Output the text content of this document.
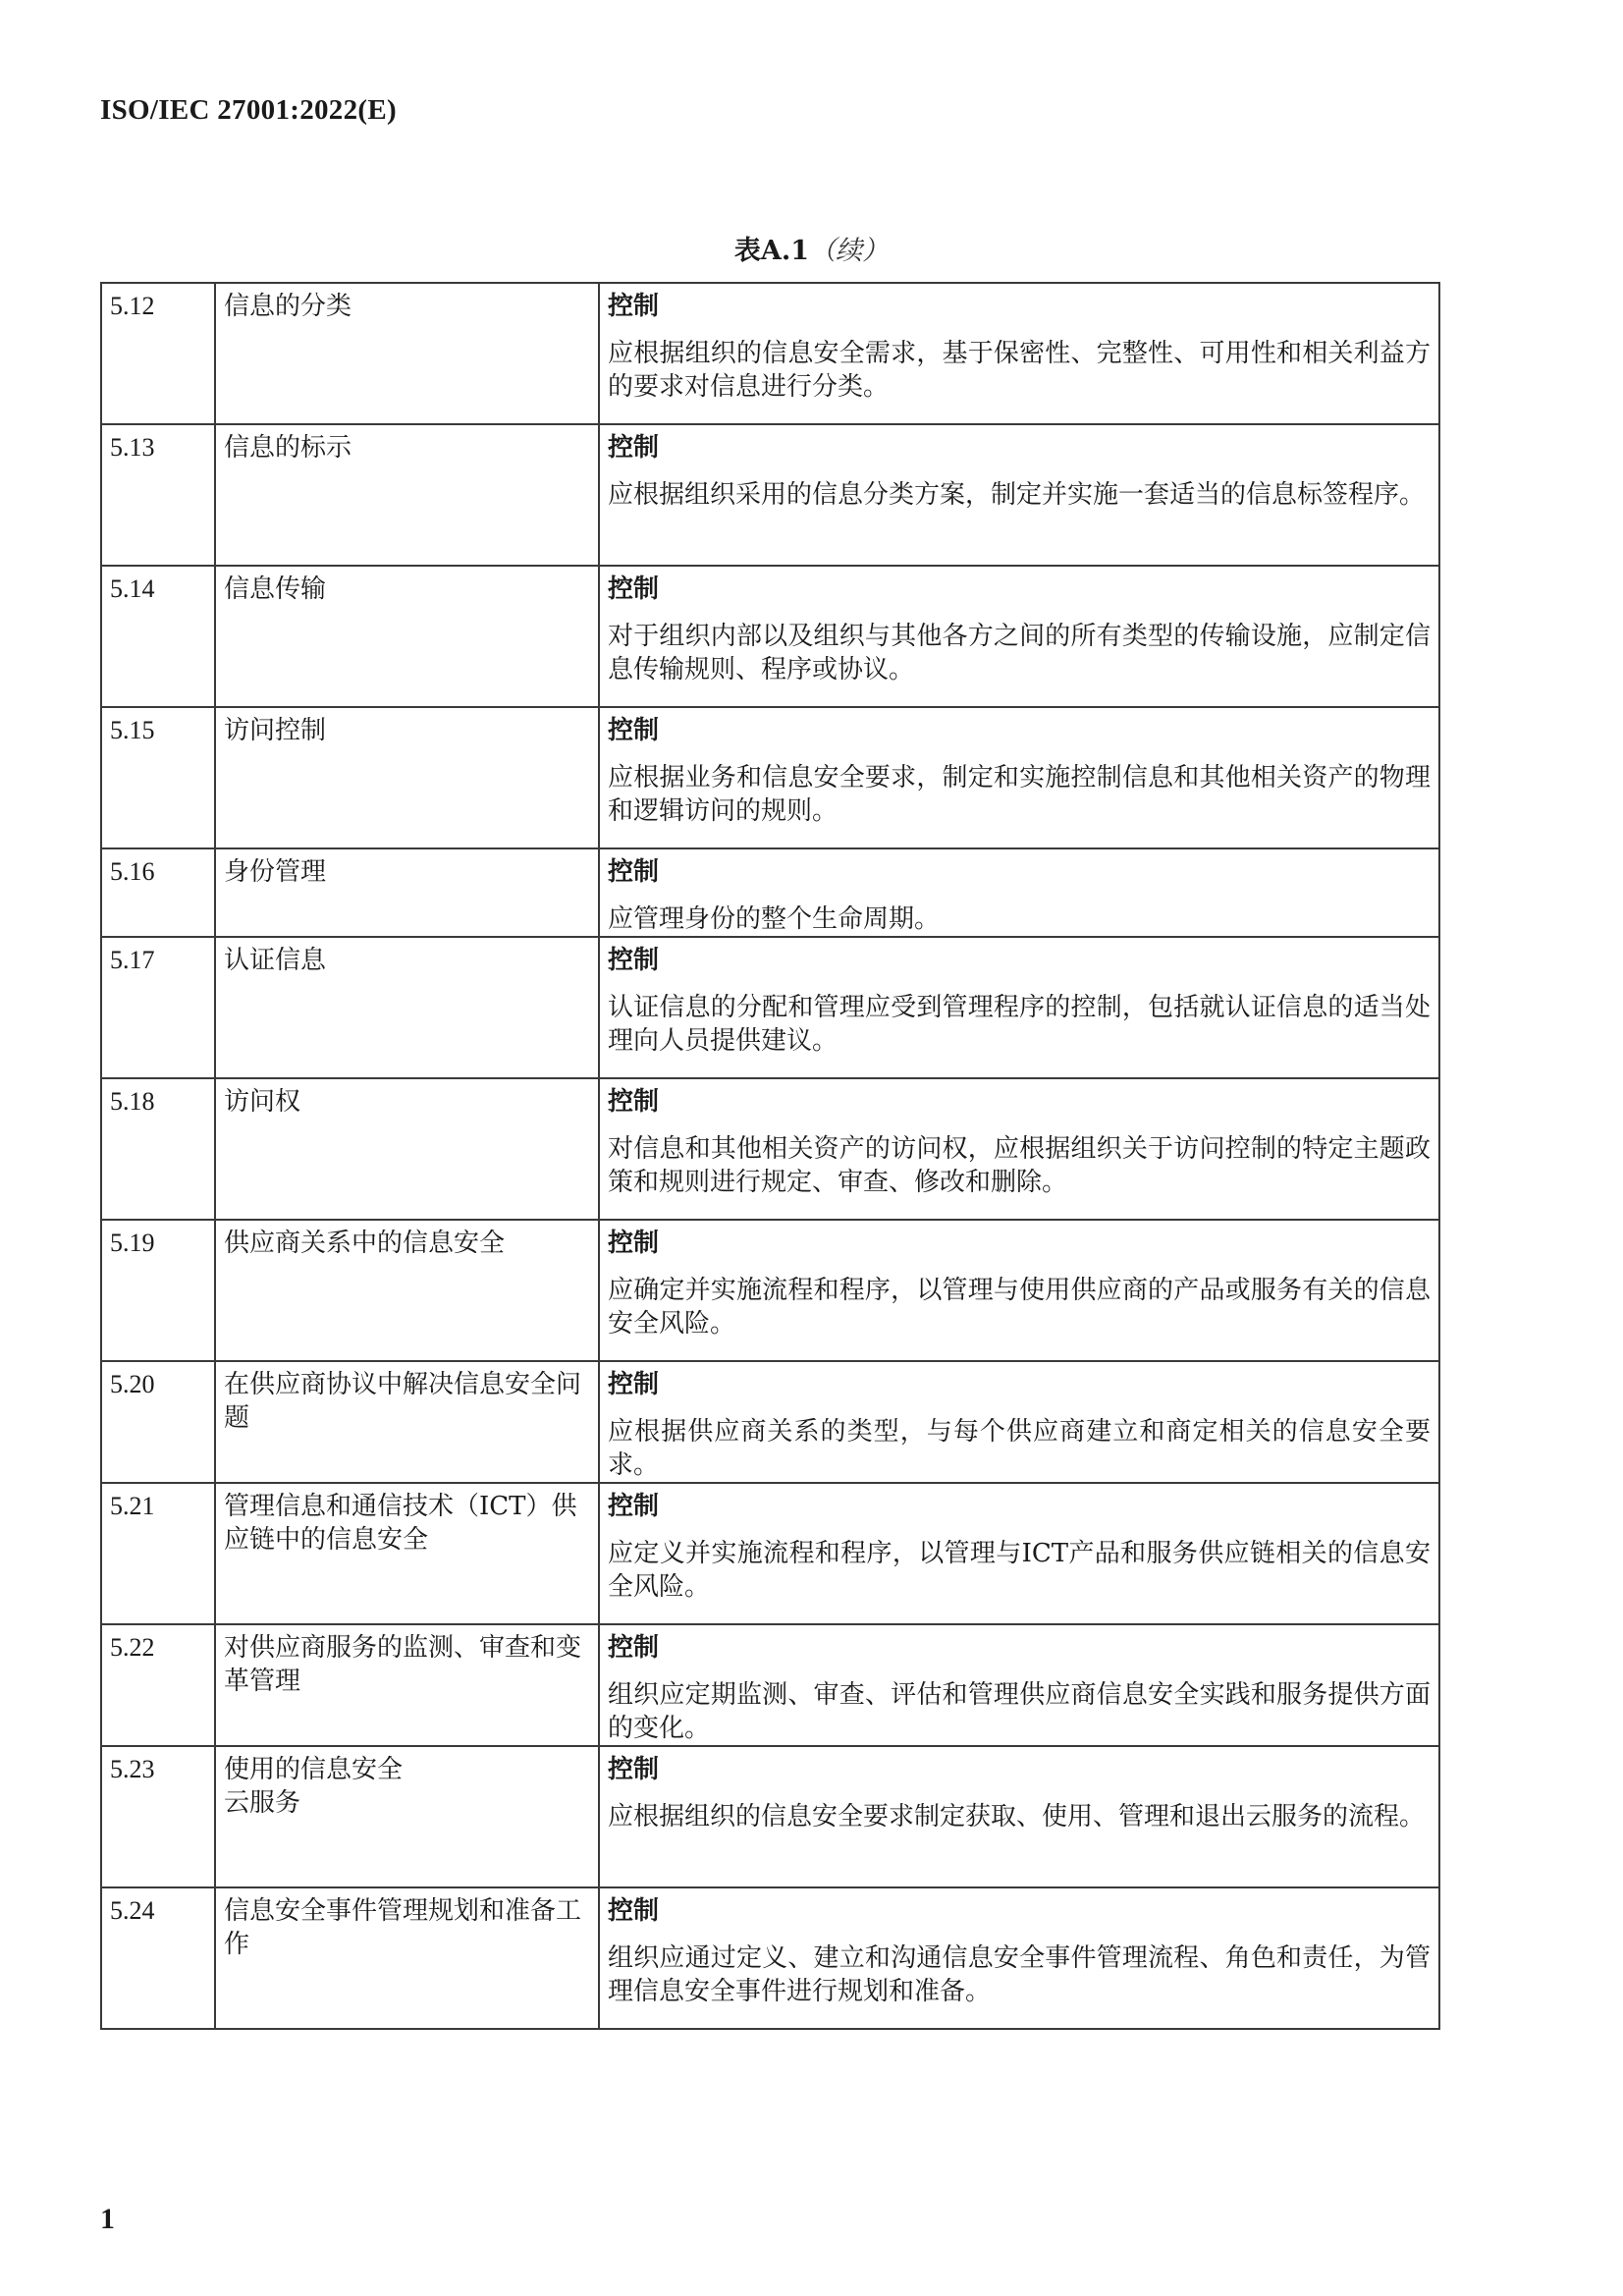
ISO/IEC 27001:2022(E)
表A.1（续）
5.12	信息的分类	控制
应根据组织的信息安全需求，基于保密性、完整性、可用性和相关利益方的要求对信息进行分类。

5.13	信息的标示	控制
应根据组织采用的信息分类方案，制定并实施一套适当的信息标签程序。

5.14	信息传输	控制
对于组织内部以及组织与其他各方之间的所有类型的传输设施，应制定信息传输规则、程序或协议。

5.15	访问控制	控制
应根据业务和信息安全要求，制定和实施控制信息和其他相关资产的物理和逻辑访问的规则。

5.16	身份管理	控制
应管理身份的整个生命周期。

5.17	认证信息	控制
认证信息的分配和管理应受到管理程序的控制，包括就认证信息的适当处理向人员提供建议。

5.18	访问权	控制
对信息和其他相关资产的访问权，应根据组织关于访问控制的特定主题政策和规则进行规定、审查、修改和删除。

5.19	供应商关系中的信息安全	控制
应确定并实施流程和程序，以管理与使用供应商的产品或服务有关的信息安全风险。

5.20	在供应商协议中解决信息安全问题	控制
应根据供应商关系的类型，与每个供应商建立和商定相关的信息安全要求。

5.21	管理信息和通信技术（ICT）供应链中的信息安全	控制
应定义并实施流程和程序，以管理与ICT产品和服务供应链相关的信息安全风险。

5.22	对供应商服务的监测、审查和变革管理	控制
组织应定期监测、审查、评估和管理供应商信息安全实践和服务提供方面的变化。

5.23	使用的信息安全
云服务	控制
应根据组织的信息安全要求制定获取、使用、管理和退出云服务的流程。

5.24	信息安全事件管理规划和准备工作	控制
组织应通过定义、建立和沟通信息安全事件管理流程、角色和责任，为管理信息安全事件进行规划和准备。
1
